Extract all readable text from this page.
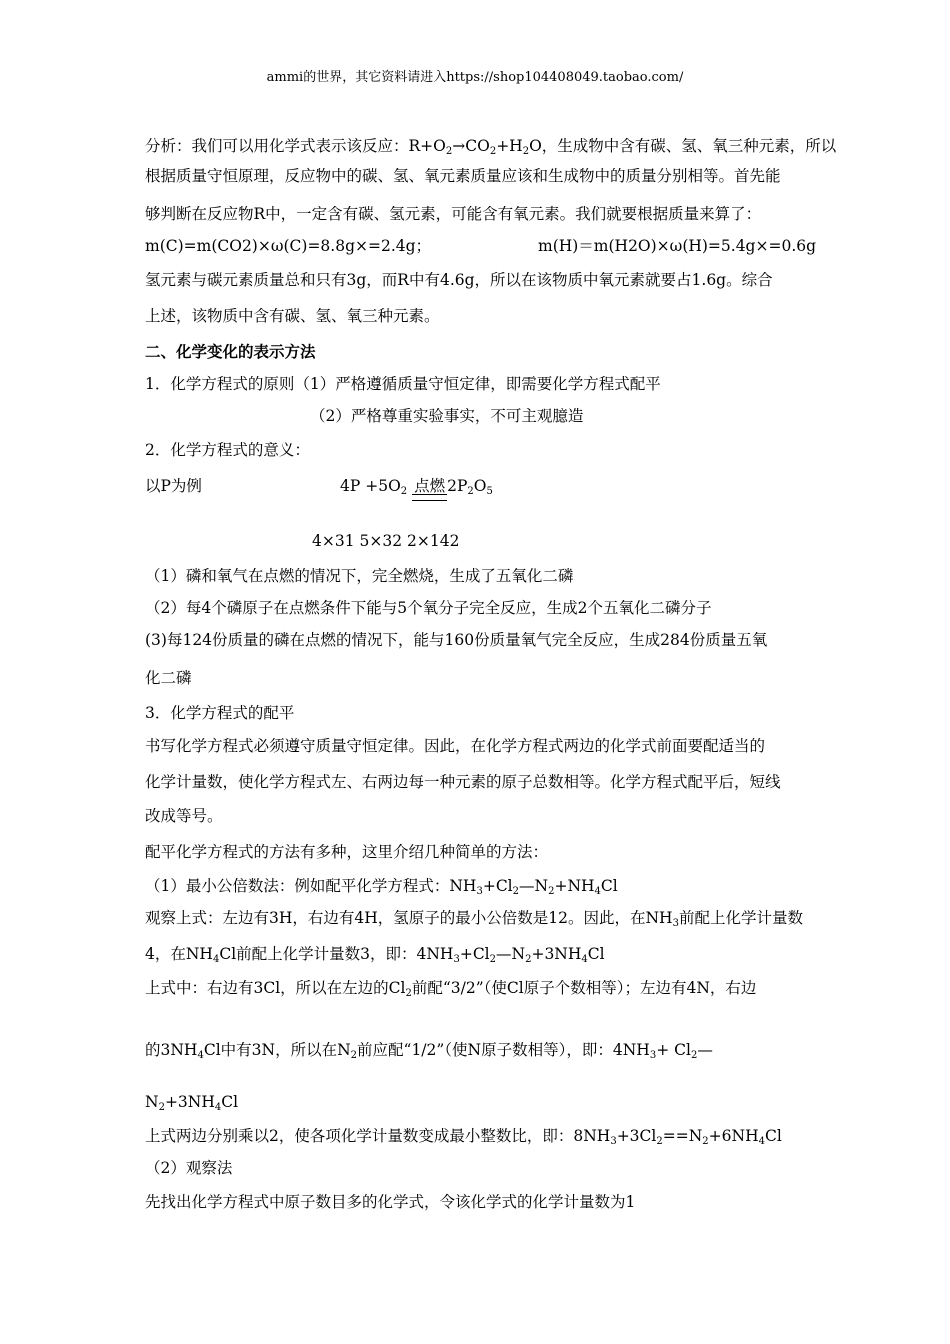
ammi的世界，其它资料请进入https://shop104408049.taobao.com/
分析：我们可以用化学式表示该反应：$R+O_2\to CO_2+H_2O$，生成物中含有碳、氢、氧三种元素，所以
根据质量守恒原理，反应物中的碳、氢、氧元素质量应该和生成物中的质量分别相等。首先能
够判断在反应物R中，一定含有碳、氢元素，可能含有氧元素。我们就要根据质量来算了：
m(C)=m(CO2)×ω(C)=8.8g×=2.4g；	m(H)＝m(H2O)×ω(H)=5.4g×=0.6g
氢元素与碳元素质量总和只有3g，而R中有4.6g，所以在该物质中氧元素就要占1.6g。综合
上述，该物质中含有碳、氢、氧三种元素。
二、化学变化的表示方法
1．化学方程式的原则（1）严格遵循质量守恒定律，即需要化学方程式配平
（2）严格尊重实验事实，不可主观臆造
2．化学方程式的意义：
以P为例	$4P +5O_2$ 点燃 $2P_2O_5$
4×31 5×32 2×142
（1）磷和氧气在点燃的情况下，完全燃烧，生成了五氧化二磷
（2）每4个磷原子在点燃条件下能与5个氧分子完全反应，生成2个五氧化二磷分子
(3)每124份质量的磷在点燃的情况下，能与160份质量氧气完全反应，生成284份质量五氧
化二磷
3．化学方程式的配平
书写化学方程式必须遵守质量守恒定律。因此，在化学方程式两边的化学式前面要配适当的
化学计量数，使化学方程式左、右两边每一种元素的原子总数相等。化学方程式配平后，短线
改成等号。
配平化学方程式的方法有多种，这里介绍几种简单的方法：
（1）最小公倍数法：例如配平化学方程式：$NH_3+Cl_2—N_2+NH_4Cl$
观察上式：左边有3H，右边有4H，氢原子的最小公倍数是12。因此，在$NH_3$前配上化学计量数
4，在$NH_4Cl$前配上化学计量数3，即：$4NH_3+Cl_2—N_2+3NH_4Cl$
上式中：右边有3Cl，所以在左边的$Cl_2$前配“3/2”（使Cl原子个数相等）；左边有4N，右边
的$3NH_4Cl$中有3N，所以在$N_2$前应配“1/2”（使N原子数相等），即：$4NH_3+$ $Cl_2—$
$N_2+3NH_4Cl$
上式两边分别乘以2，使各项化学计量数变成最小整数比，即：$8NH_3+3Cl_2==N_2+6NH_4Cl$
（2）观察法
先找出化学方程式中原子数目多的化学式，令该化学式的化学计量数为1
